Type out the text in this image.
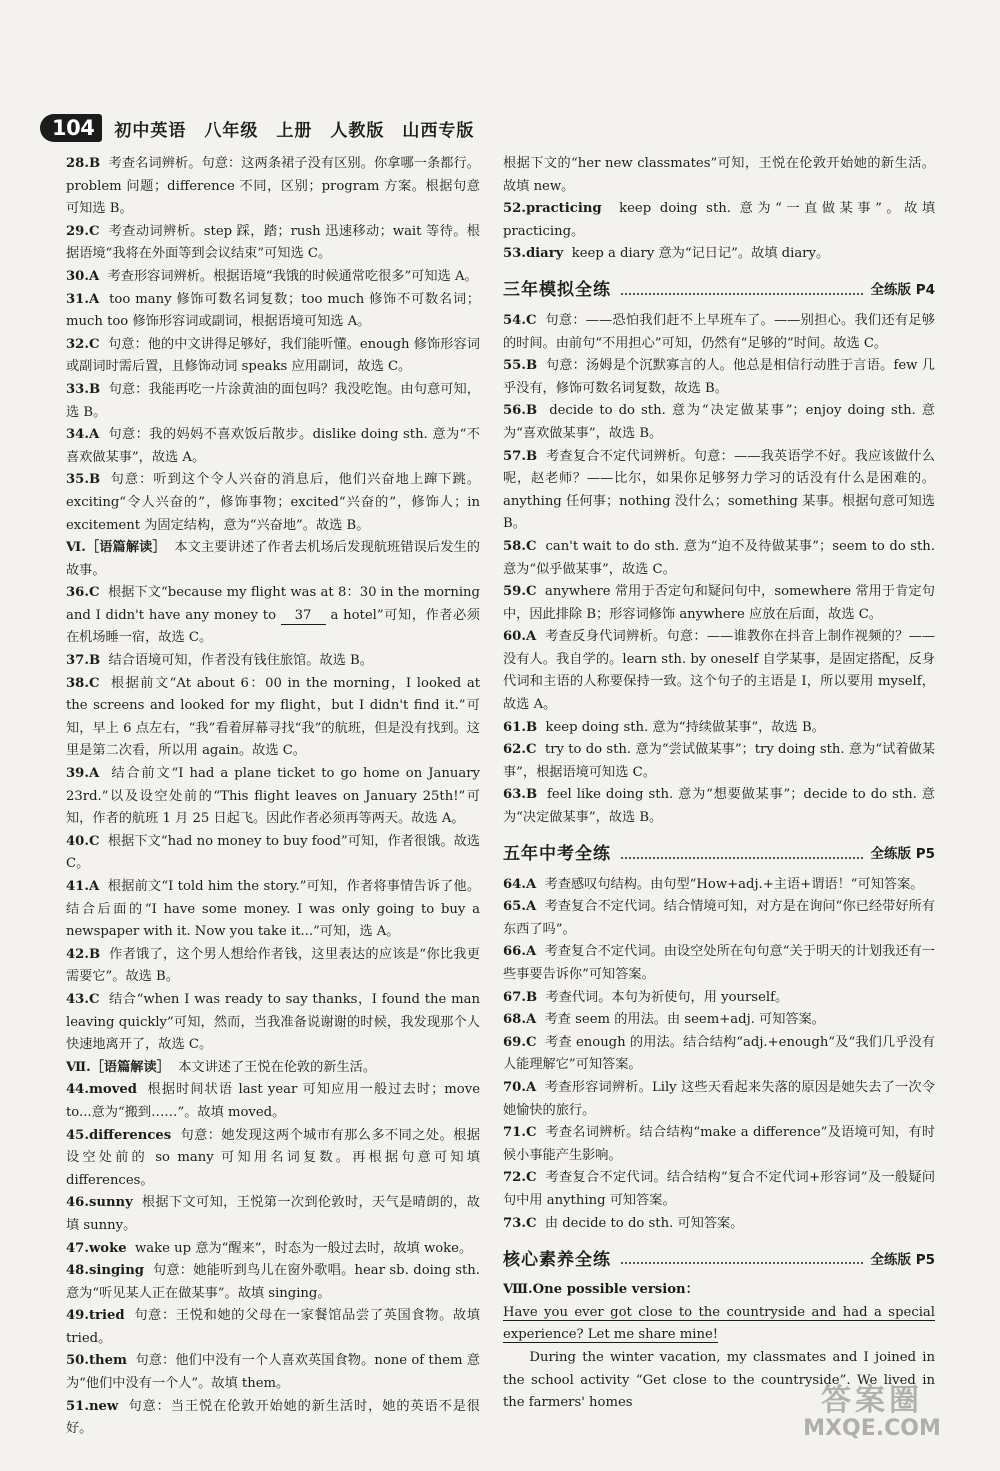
104	初中英语　八年级　上册　人教版　山西专版
28.B 考查名词辨析。句意：这两条裙子没有区别。你拿哪一条都行。problem 问题；difference 不同，区别；program 方案。根据句意可知选 B。
29.C 考查动词辨析。step 踩，踏；rush 迅速移动；wait 等待。根据语境“我将在外面等到会议结束”可知选 C。
30.A 考查形容词辨析。根据语境“我饿的时候通常吃很多”可知选 A。
31.A too many 修饰可数名词复数；too much 修饰不可数名词；much too 修饰形容词或副词，根据语境可知选 A。
32.C 句意：他的中文讲得足够好，我们能听懂。enough 修饰形容词或副词时需后置，且修饰动词 speaks 应用副词，故选 C。
33.B 句意：我能再吃一片涂黄油的面包吗？我没吃饱。由句意可知，选 B。
34.A 句意：我的妈妈不喜欢饭后散步。dislike doing sth. 意为“不喜欢做某事”，故选 A。
35.B 句意：听到这个令人兴奋的消息后，他们兴奋地上蹿下跳。exciting“令人兴奋的”，修饰事物；excited“兴奋的”，修饰人；in excitement 为固定结构，意为“兴奋地”。故选 B。
Ⅵ.［语篇解读］ 本文主要讲述了作者去机场后发现航班错误后发生的故事。
36.C 根据下文“because my flight was at 8：30 in the morning and I didn't have any money to 　37　 a hotel”可知，作者必须在机场睡一宿，故选 C。
37.B 结合语境可知，作者没有钱住旅馆。故选 B。
38.C 根据前文“At about 6：00 in the morning，I looked at the screens and looked for my flight，but I didn't find it.”可知，早上 6 点左右，“我”看着屏幕寻找“我”的航班，但是没有找到。这里是第二次看，所以用 again。故选 C。
39.A 结合前文“I had a plane ticket to go home on January 23rd.”以及设空处前的“This flight leaves on January 25th!”可知，作者的航班 1 月 25 日起飞。因此作者必须再等两天。故选 A。
40.C 根据下文“had no money to buy food”可知，作者很饿。故选 C。
41.A 根据前文“I told him the story.”可知，作者将事情告诉了他。结合后面的“I have some money. I was only going to buy a newspaper with it. Now you take it...”可知，选 A。
42.B 作者饿了，这个男人想给作者钱，这里表达的应该是“你比我更需要它”。故选 B。
43.C 结合“when I was ready to say thanks，I found the man leaving quickly”可知，然而，当我准备说谢谢的时候，我发现那个人快速地离开了，故选 C。
Ⅶ.［语篇解读］ 本文讲述了王悦在伦敦的新生活。
44.moved 根据时间状语 last year 可知应用一般过去时；move to...意为“搬到……”。故填 moved。
45.differences 句意：她发现这两个城市有那么多不同之处。根据设空处前的 so many 可知用名词复数。再根据句意可知填 differences。
46.sunny 根据下文可知，王悦第一次到伦敦时，天气是晴朗的，故填 sunny。
47.woke wake up 意为“醒来”，时态为一般过去时，故填 woke。
48.singing 句意：她能听到鸟儿在窗外歌唱。hear sb. doing sth. 意为“听见某人正在做某事”。故填 singing。
49.tried 句意：王悦和她的父母在一家餐馆品尝了英国食物。故填 tried。
50.them 句意：他们中没有一个人喜欢英国食物。none of them 意为“他们中没有一个人”。故填 them。
51.new 句意：当王悦在伦敦开始她的新生活时，她的英语不是很好。
根据下文的“her new classmates”可知，王悦在伦敦开始她的新生活。故填 new。
52.practicing keep doing sth. 意为“一直做某事”。故填 practicing。
53.diary keep a diary 意为“记日记”。故填 diary。
三年模拟全练	全练版 P4
54.C 句意：——恐怕我们赶不上早班车了。——别担心。我们还有足够的时间。由前句“不用担心”可知，仍然有“足够的”时间。故选 C。
55.B 句意：汤姆是个沉默寡言的人。他总是相信行动胜于言语。few 几乎没有，修饰可数名词复数，故选 B。
56.B decide to do sth. 意为“决定做某事”；enjoy doing sth. 意为“喜欢做某事”，故选 B。
57.B 考查复合不定代词辨析。句意：——我英语学不好。我应该做什么呢，赵老师？——比尔，如果你足够努力学习的话没有什么是困难的。anything 任何事；nothing 没什么；something 某事。根据句意可知选 B。
58.C can't wait to do sth. 意为“迫不及待做某事”；seem to do sth. 意为“似乎做某事”，故选 C。
59.C anywhere 常用于否定句和疑问句中，somewhere 常用于肯定句中，因此排除 B；形容词修饰 anywhere 应放在后面，故选 C。
60.A 考查反身代词辨析。句意：——谁教你在抖音上制作视频的？——没有人。我自学的。learn sth. by oneself 自学某事，是固定搭配，反身代词和主语的人称要保持一致。这个句子的主语是 I，所以要用 myself，故选 A。
61.B keep doing sth. 意为“持续做某事”，故选 B。
62.C try to do sth. 意为“尝试做某事”；try doing sth. 意为“试着做某事”，根据语境可知选 C。
63.B feel like doing sth. 意为“想要做某事”；decide to do sth. 意为“决定做某事”，故选 B。
五年中考全练	全练版 P5
64.A 考查感叹句结构。由句型“How+adj.+主语+谓语！”可知答案。
65.A 考查复合不定代词。结合情境可知，对方是在询问“你已经带好所有东西了吗”。
66.A 考查复合不定代词。由设空处所在句句意“关于明天的计划我还有一些事要告诉你”可知答案。
67.B 考查代词。本句为祈使句，用 yourself。
68.A 考查 seem 的用法。由 seem+adj. 可知答案。
69.C 考查 enough 的用法。结合结构“adj.+enough”及“我们几乎没有人能理解它”可知答案。
70.A 考查形容词辨析。Lily 这些天看起来失落的原因是她失去了一次令她愉快的旅行。
71.C 考查名词辨析。结合结构“make a difference”及语境可知，有时候小事能产生影响。
72.C 考查复合不定代词。结合结构“复合不定代词+形容词”及一般疑问句中用 anything 可知答案。
73.C 由 decide to do sth. 可知答案。
核心素养全练	全练版 P5
Ⅷ.One possible version：
Have you ever got close to the countryside and had a special experience? Let me share mine!
During the winter vacation, my classmates and I joined in the school activity “Get close to the countryside”. We lived in the farmers' homes	答案圈
MXQE.COM
